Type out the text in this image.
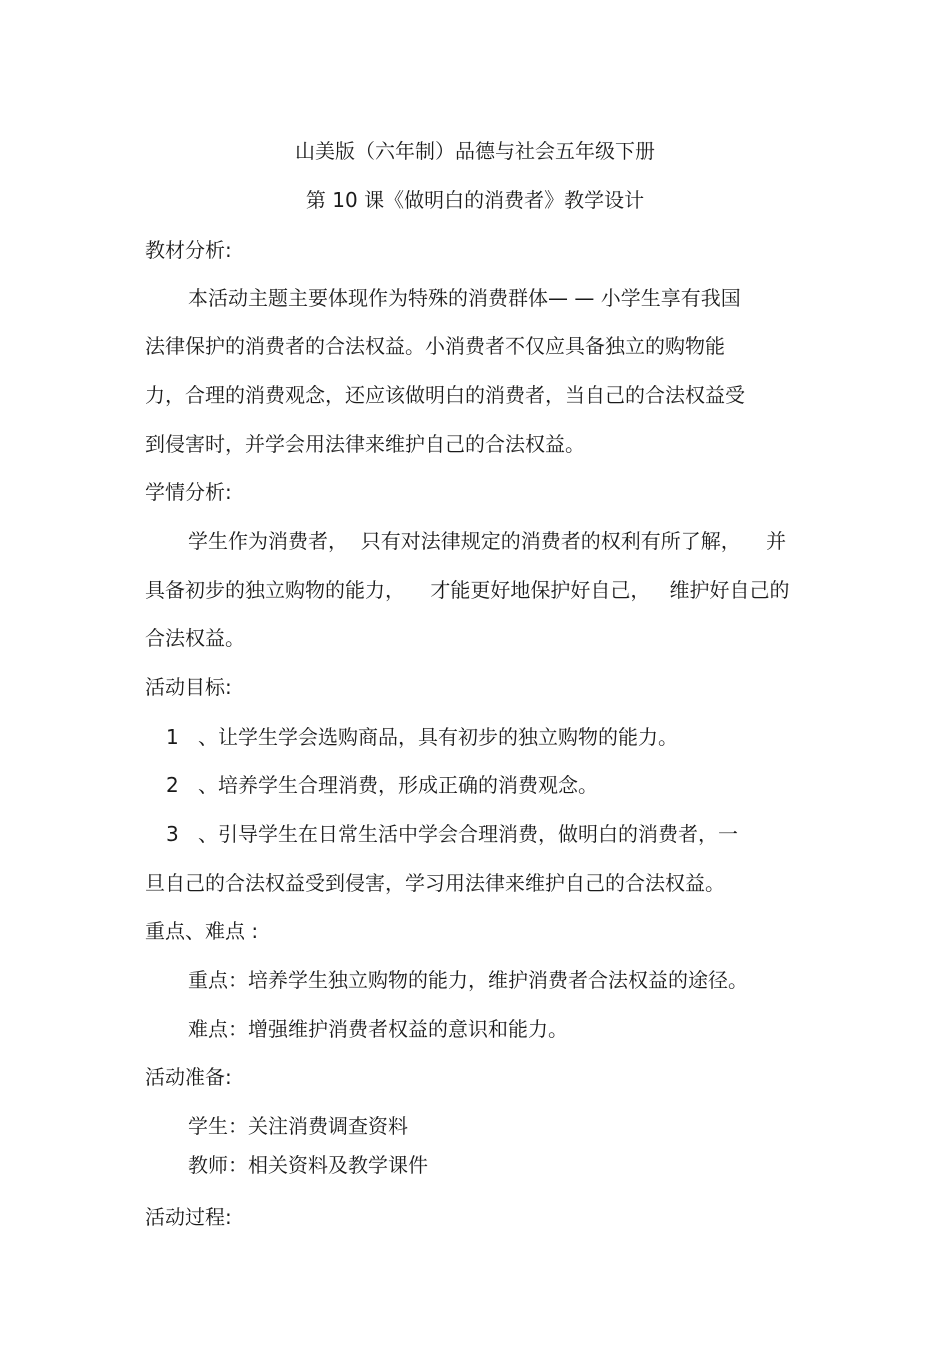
山美版（六年制）品德与社会五年级下册

第 10 课《做明白的消费者》教学设计

教材分析:

本活动主题主要体现作为特殊的消费群体— — 小学生享有我国

法律保护的消费者的合法权益。小消费者不仅应具备独立的购物能

力，合理的消费观念，还应该做明白的消费者，当自己的合法权益受

到侵害时，并学会用法律来维护自己的合法权益。

学情分析:

学生作为消费者，  只有对法律规定的消费者的权利有所了解，    并

具备初步的独立购物的能力，    才能更好地保护好自己，   维护好自己的

合法权益。

活动目标:

1 、让学生学会选购商品，具有初步的独立购物的能力。

2 、培养学生合理消费，形成正确的消费观念。

3 、引导学生在日常生活中学会合理消费，做明白的消费者，一

旦自己的合法权益受到侵害，学习用法律来维护自己的合法权益。

重点、难点 :

重点：培养学生独立购物的能力，维护消费者合法权益的途径。

难点：增强维护消费者权益的意识和能力。

活动准备:

学生：关注消费调查资料

教师：相关资料及教学课件

活动过程:
